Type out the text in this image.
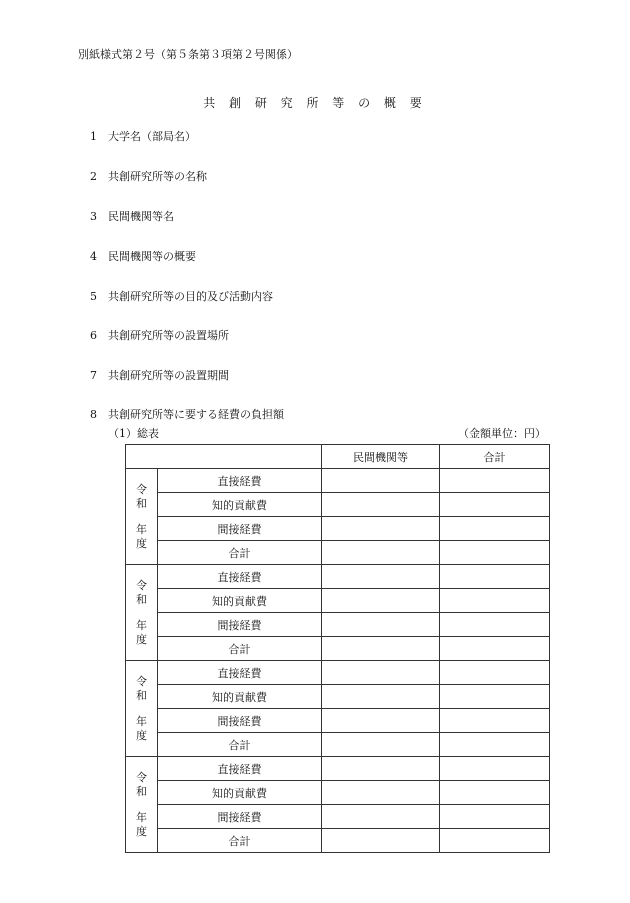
別紙様式第２号（第５条第３項第２号関係）
共 創 研 究 所 等 の 概 要
1 大学名（部局名）
2 共創研究所等の名称
3 民間機関等名
4 民間機関等の概要
5 共創研究所等の目的及び活動内容
6 共創研究所等の設置場所
7 共創研究所等の設置期間
8 共創研究所等に要する経費の負担額
（1）総表	（金額単位：円）
		民間機関等	合計

令
和
年
度	直接経費		
	知的貢献費		
	間接経費		
	合計		

令
和
年
度	直接経費		
	知的貢献費		
	間接経費		
	合計		

令
和
年
度	直接経費		
	知的貢献費		
	間接経費		
	合計		

令
和
年
度	直接経費		
	知的貢献費		
	間接経費		
	合計		
